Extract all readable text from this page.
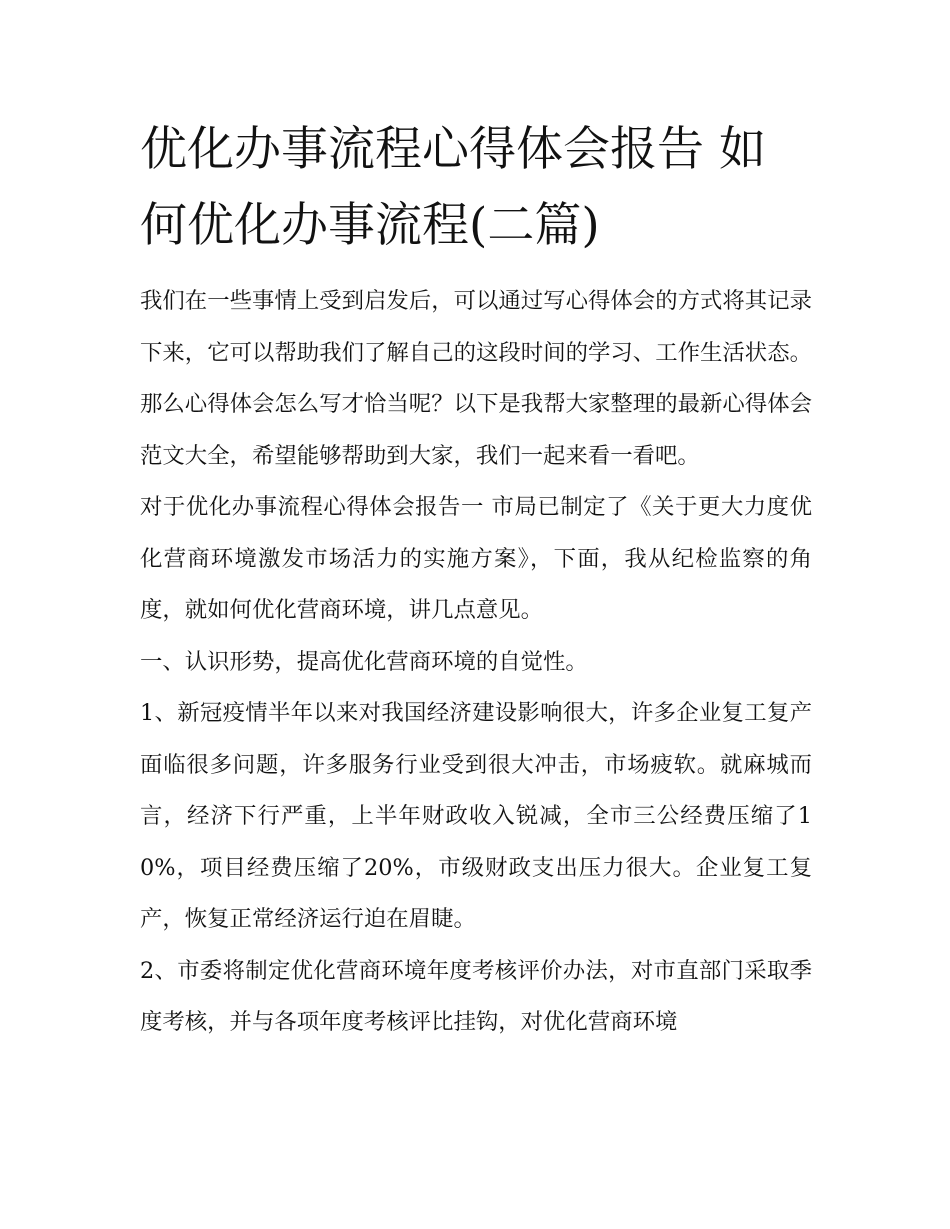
优化办事流程心得体会报告 如何优化办事流程(二篇)

我们在一些事情上受到启发后，可以通过写心得体会的方式将其记录下来，它可以帮助我们了解自己的这段时间的学习、工作生活状态。那么心得体会怎么写才恰当呢？以下是我帮大家整理的最新心得体会范文大全，希望能够帮助到大家，我们一起来看一看吧。

对于优化办事流程心得体会报告一 市局已制定了《关于更大力度优化营商环境激发市场活力的实施方案》，下面，我从纪检监察的角度，就如何优化营商环境，讲几点意见。

一、认识形势，提高优化营商环境的自觉性。

1、新冠疫情半年以来对我国经济建设影响很大，许多企业复工复产面临很多问题，许多服务行业受到很大冲击，市场疲软。就麻城而言，经济下行严重，上半年财政收入锐减，全市三公经费压缩了10%，项目经费压缩了20%，市级财政支出压力很大。企业复工复产，恢复正常经济运行迫在眉睫。

2、市委将制定优化营商环境年度考核评价办法，对市直部门采取季度考核，并与各项年度考核评比挂钩，对优化营商环境
